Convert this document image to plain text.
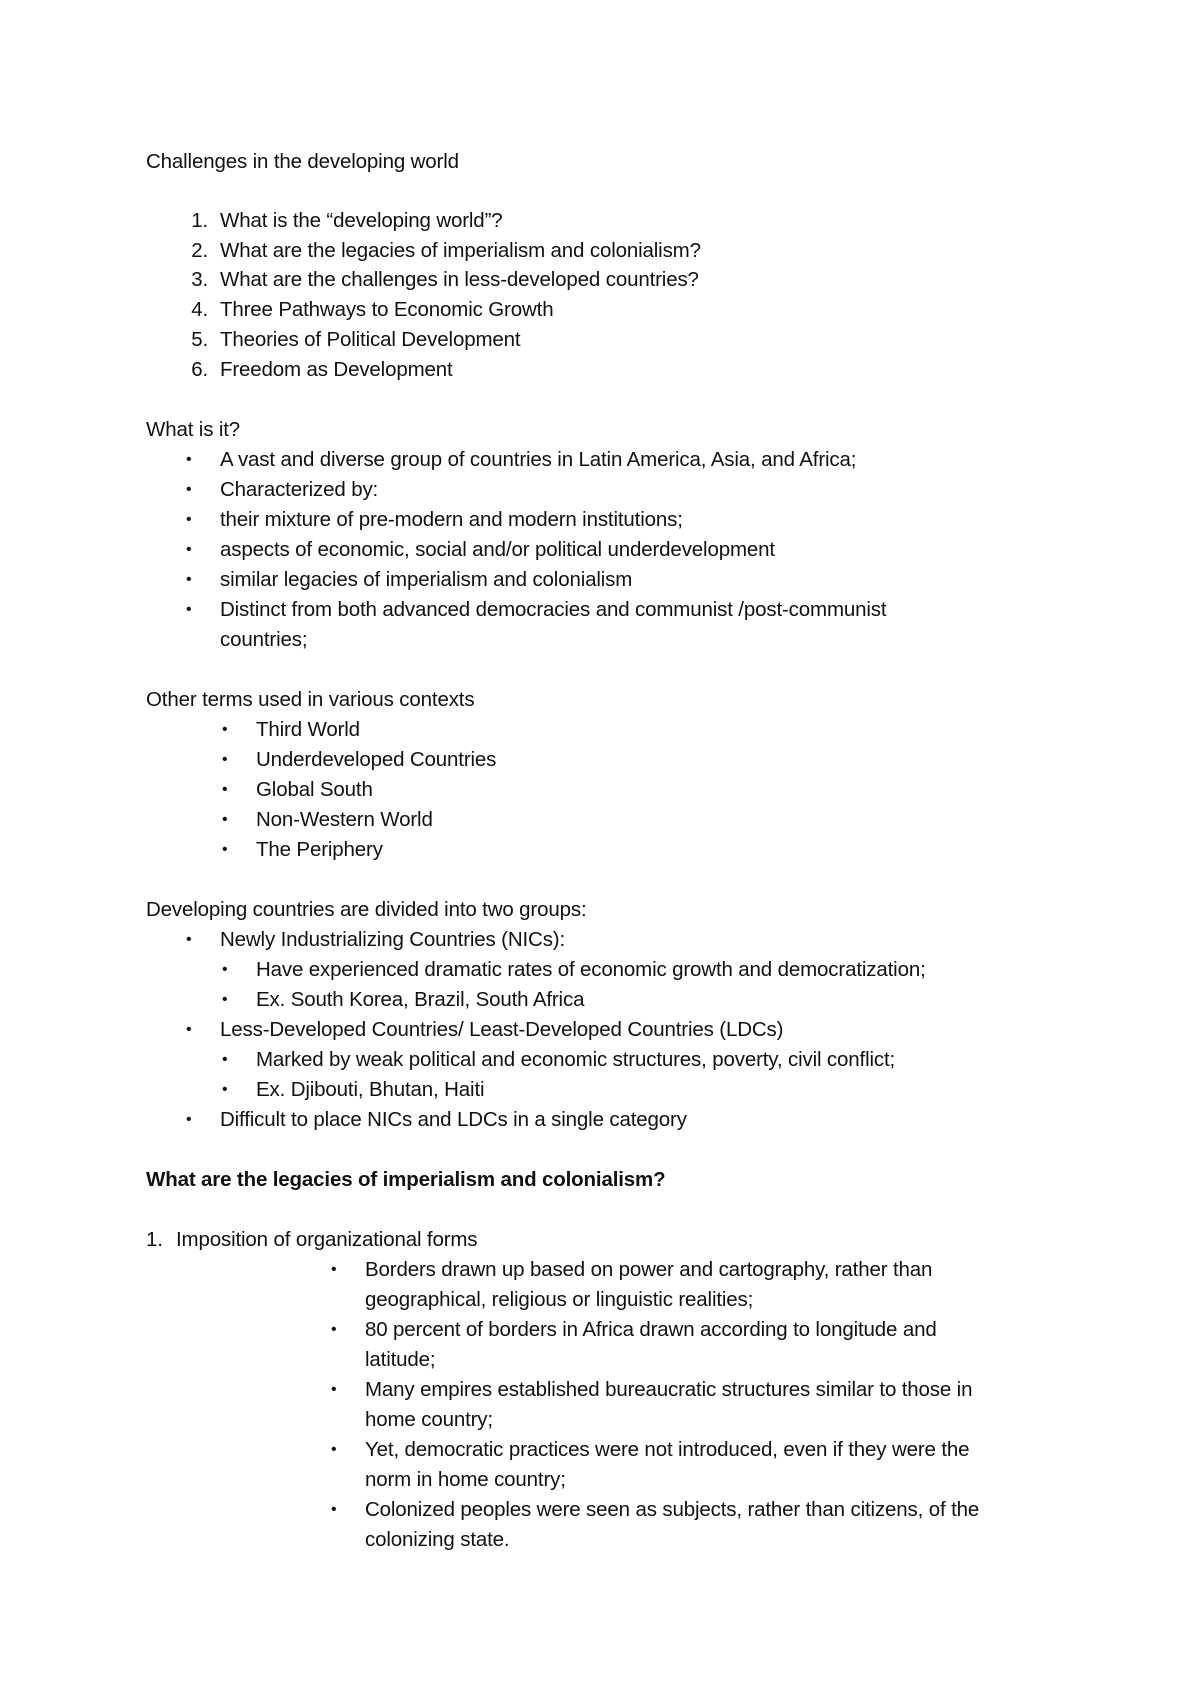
Challenges in the developing world
1. What is the “developing world”?
2. What are the legacies of imperialism and colonialism?
3. What are the challenges in less-developed countries?
4. Three Pathways to Economic Growth
5. Theories of Political Development
6. Freedom as Development
What is it?
• A vast and diverse group of countries in Latin America, Asia, and Africa;
• Characterized by:
• their mixture of pre-modern and modern institutions;
• aspects of economic, social and/or political underdevelopment
• similar legacies of imperialism and colonialism
• Distinct from both advanced democracies and communist /post-communist
countries;
Other terms used in various contexts
• Third World
• Underdeveloped Countries
• Global South
• Non-Western World
• The Periphery
Developing countries are divided into two groups:
• Newly Industrializing Countries (NICs):
• Have experienced dramatic rates of economic growth and democratization;
• Ex. South Korea, Brazil, South Africa
• Less-Developed Countries/ Least-Developed Countries (LDCs)
• Marked by weak political and economic structures, poverty, civil conflict;
• Ex. Djibouti, Bhutan, Haiti
• Difficult to place NICs and LDCs in a single category
What are the legacies of imperialism and colonialism?
1. Imposition of organizational forms
• Borders drawn up based on power and cartography, rather than
geographical, religious or linguistic realities;
• 80 percent of borders in Africa drawn according to longitude and
latitude;
• Many empires established bureaucratic structures similar to those in
home country;
• Yet, democratic practices were not introduced, even if they were the
norm in home country;
• Colonized peoples were seen as subjects, rather than citizens, of the
colonizing state.
